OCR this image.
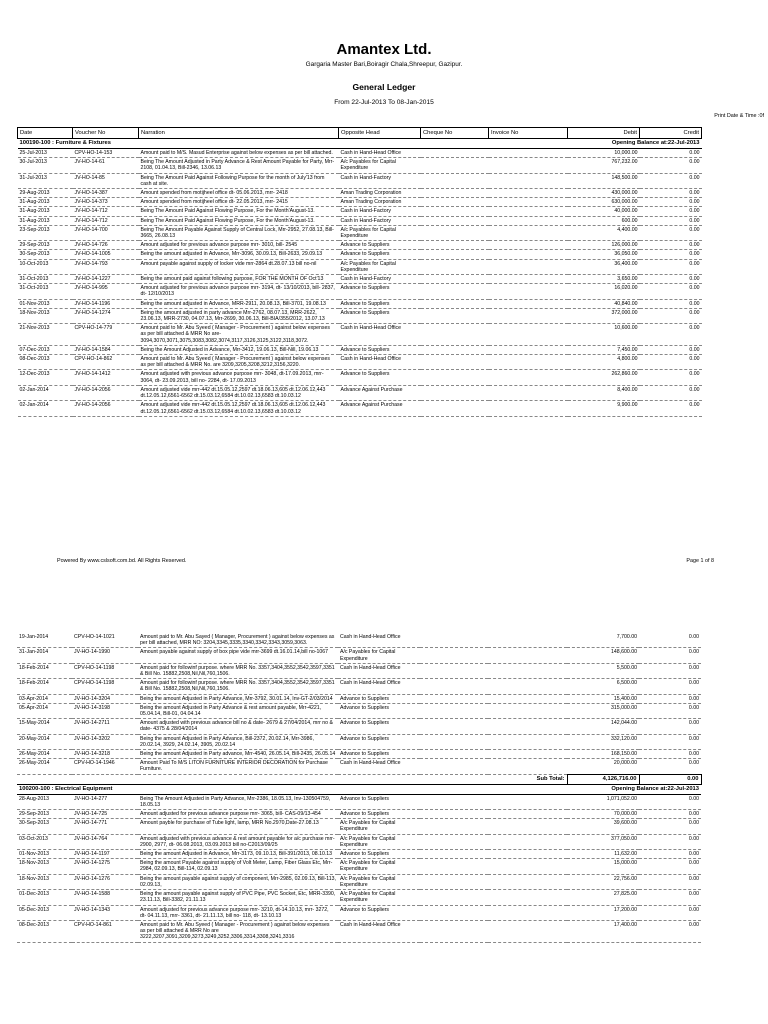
Amantex Ltd.
Gargaria Master Bari,Boiragir Chala,Shreepur, Gazipur.
General Ledger
From 22-Jul-2013 To 08-Jan-2015
Print Date & Time :0f
Date	Voucher No	Narration	Opposite Head	Cheque No	Invoice No	Debit	Credit
100190-100 : Furniture & Fixtures				Opening Balance at:22-Jul-2013			
25-Jul-2013	CPV-HO-14-153	Amount paid to M/S. Masud Enterprise against below expenses as per bill attached.	Cash in Hand-Head Office			10,000.00	0.00
30-Jul-2013	JV-HO-14-61	Being The Amount Adjusted in Party Advance & Rest Amount Payable for Party, Mrr-2108, 01.04.13, Bill-2346, 13.06.13	A/c Payables for Capital Expenditure			767,232.00	0.00
31-Jul-2013	JV-HO-14-85	Being The Amount Paid Against Following Purpose for the month of July'13 from cash at site.	Cash in Hand-Factory			148,500.00	0.00
29-Aug-2013	JV-HO-14-387	Amount spended from motijheel office dt- 05.06.2013, mrr- 2418	Aman Trading Corporation			430,000.00	0.00
31-Aug-2013	JV-HO-14-373	Amount spended from motijheel office dt- 22.05.2013, mrr- 2415	Aman Trading Corporation			630,000.00	0.00
31-Aug-2013	JV-HO-14-712	Being The Amount Paid Against Flowing Purpose, For the Month'August-13.	Cash in Hand-Factory			40,000.00	0.00
31-Aug-2013	JV-HO-14-712	Being The Amount Paid Against Flowing Purpose, For the Month'August-13.	Cash in Hand-Factory			600.00	0.00
23-Sep-2013	JV-HO-14-700	Being The Amount Payable Against Supply of Central Lock, Mrr-2952, 27.08.13, Bill-3665, 26.08.13	A/c Payables for Capital Expenditure			4,400.00	0.00
29-Sep-2013	JV-HO-14-726	Amount adjusted for previous advance purpose mrr- 3010, bill- 2545	Advance to Suppliers			126,000.00	0.00
30-Sep-2013	JV-HO-14-1005	Being the amount adjusted in Advance, Mrr-3096, 30.09.13, Bill-2633, 29.09.13	Advance to Suppliers			36,050.00	0.00
10-Oct-2013	JV-HO-14-793	Amount payable against supply of locker vide mrr-2864 dt.28.07.13 bill no-nil	A/c Payables for Capital Expenditure			36,400.00	0.00
31-Oct-2013	JV-HO-14-1227	Being the amount paid against following purpose, FOR THE MONTH OF Oct'13	Cash in Hand-Factory			3,650.00	0.00
31-Oct-2013	JV-HO-14-995	Amount adjusted for previous advance purpose mrr- 3194, dt- 13/10/2013, bill- 2837, dt- 12/10/2013	Advance to Suppliers			16,020.00	0.00
01-Nov-2013	JV-HO-14-1196	Being the amount adjusted in Advance, MRR-2911, 20.08.13, Bill-3701, 19.08.13	Advance to Suppliers			40,840.00	0.00
18-Nov-2013	JV-HO-14-1274	Being the amount adjusted in party advance Mrr-2762, 08.07.13, MRR-2622, 23.06.13, MRR-2730, 04.07.13, Mrr-2699, 30.06.13, Bill-BIA/355/2012, 13.07.13	Advance to Suppliers			372,000.00	0.00
21-Nov-2013	CPV-HO-14-779	Amount paid to Mr. Abu Syeed ( Manager - Procurement ) against below expenses as per bill attached & MRR No are-3094,3070,3071,3075,3083,3082,3074,3117,3126,3125,3122,3118,3072.	Cash in Hand-Head Office			10,600.00	0.00
07-Dec-2013	JV-HO-14-1584	Being the Amount Adjusted in Advance, Mrr-3412, 19.06.13, Bill-Nill, 19.06.13	Advance to Suppliers			7,450.00	0.00
08-Dec-2013	CPV-HO-14-862	Amount paid to Mr. Abu Syeed ( Manager - Procurement ) against below expenses as per bill attached & MRR No. are 3209,3205,3208,3212,3156,3220.	Cash in Hand-Head Office			4,800.00	0.00
12-Dec-2013	JV-HO-14-1412	Amount adjusted with previous advance purpose mrr- 3048, dt-17.09.2013, mrr-3064, dt- 23.09.2013, bill no- 2284, dt- 17.09.2013	Advance to Suppliers			262,860.00	0.00
02-Jan-2014	JV-HO-14-2056	Amount adjusted vide mrr-442 dt.15.05.12,2597 dt.18.06.13,605 dt.12.06.12,443 dt.12.05.12,6561-6562 dt.15.03.12,6584 dt.10.02.13,6583 dt.10.03.12	Advance Against Purchase			8,400.00	0.00
02-Jan-2014	JV-HO-14-2056	Amount adjusted vide mrr-442 dt.15.05.12,2597 dt.18.06.13,605 dt.12.06.12,443 dt.12.05.12,6561-6562 dt.15.03.12,6584 dt.10.02.13,6583 dt.10.03.12	Advance Against Purchase			9,900.00	0.00
Powered By www.cslsoft.com.bd. All Rights Reserved.	Page 1 of 8
19-Jan-2014	CPV-HO-14-1021	Amount paid to Mr. Abu Sayed ( Manager, Procurement ) against below expenses as per bill attached, MRR NO: 3204,3345,3335,3340,3342,3343,3059,3063.	Cash in Hand-Head Office			7,700.00	0.00
31-Jan-2014	JV-HO-14-1990	Amount payable against supply of box pipe vide mrr-3699 dt.16.01.14,bill no-1067	A/c Payables for Capital Expenditure			148,600.00	0.00
18-Feb-2014	CPV-HO-14-1198	Amount paid for followinf purpose. where MRR No. 3357,3404,3552,3542,3597,3351 & Bill No. 15882,2508,Nil,Nil,760,1506.	Cash in Hand-Head Office			5,500.00	0.00
18-Feb-2014	CPV-HO-14-1198	Amount paid for followinf purpose. where MRR No. 3357,3404,3552,3542,3597,3351 & Bill No. 15882,2508,Nil,Nil,760,1506.	Cash in Hand-Head Office			6,500.00	0.00
03-Apr-2014	JV-HO-14-3204	Being the amount Adjusted in Party Advance, Mrr-3792, 30.01.14, Inv-GT-2/03/2014	Advance to Suppliers			15,400.00	0.00
05-Apr-2014	JV-HO-14-3198	Being the amount Adjusted in Party Advance & rest amount payable, Mrr-4221, 05.04.14, Bill-01, 04.04.14	Advance to Suppliers			315,000.00	0.00
15-May-2014	JV-HO-14-2711	Amount adjusted with previous advance bill no & date- 2679 & 27/04/2014, mrr no & date- 4375 & 28/04/2014	Advance to Suppliers			142,044.00	0.00
20-May-2014	JV-HO-14-3202	Being the amount Adjusted in Party Advance, Bill-2372, 20.02.14, Mrr-3986, 20.02.14, 3929, 24.02.14, 3905, 20.02.14	Advance to Suppliers			332,120.00	0.00
26-May-2014	JV-HO-14-3218	Being the amount Adjusted in Party advance, Mrr-4540, 26.05.14, Bill-2435, 26.05.14	Advance to Suppliers			168,150.00	0.00
26-May-2014	CPV-HO-14-1946	Amount Paid To M/S LITON FURNITURE INTERIOR DECORATION for Purchase Furniture.	Cash in Hand-Head Office			20,000.00	0.00
					Sub Total:	4,126,716.00	0.00
100200-100 : Electrical Equipment				Opening Balance at:22-Jul-2013			
28-Aug-2013	JV-HO-14-277	Being The Amount Adjusted in Party Advance, Mrr-2386, 18.05.13, Inv-130504759, 18.05.13	Advance to Suppliers			1,071,052.00	0.00
29-Sep-2013	JV-HO-14-725	Amount adjusted for previous advance purpose mrr- 3065, bill- CAS-09/13-454	Advance to Suppliers			70,000.00	0.00
30-Sep-2013	JV-HO-14-771	Amount payble for purchase of Tube light, lamp, MRR No.2970,Date-27.08.13	A/c Payables for Capital Expenditure			39,600.00	0.00
03-Oct-2013	JV-HO-14-764	Amount adjusted with previous advance & rest amount payable for a/c purchase mrr- 2900, 2977, dt- 06.08.2013, 03.09.2013 bill no-C2013/09/25	A/c Payables for Capital Expenditure			377,050.00	0.00
01-Nov-2013	JV-HO-14-1197	Being the amount Adjusted in Advance, Mrr-3173, 09.10.13, Bill-391/2013, 08.10.13	Advance to Suppliers			11,632.00	0.00
18-Nov-2013	JV-HO-14-1275	Being the amount Payable against supply of Volt Meter, Lamp, Fiber Glass Etc, Mrr-2984, 02.09.13, Bill-114, 02.09.13	A/c Payables for Capital Expenditure			15,000.00	0.00
18-Nov-2013	JV-HO-14-1276	Being the amount payable against supply of component, Mrr-2985, 02.09.13, Bill-113, 02.09.13,	A/c Payables for Capital Expenditure			22,756.00	0.00
01-Dec-2013	JV-HO-14-1588	Being the amount payable against supply of PVC Pipe, PVC Socket, Etc, MRR-3390, 23.11.13, Bill-3382, 21.11.13	A/c Payables for Capital Expenditure			27,825.00	0.00
05-Dec-2013	JV-HO-14-1343	Amount adjusted for previous advance purpose mrr- 3210, dt-14.10.13, mrr- 3272, dt- 04.11.13, mrr- 3361, dt- 21.11.13, bill no- 118, dt- 13.10.13	Advance to Suppliers			17,200.00	0.00
08-Dec-2013	CPV-HO-14-861	Amount paid to Mr. Abu Syeed ( Manager - Procurement ) against below expenses as per bill attached & MRR No are 3222,3207,3091,3209,3273,3249,3252,3306,3314,3308,3241,3316	Cash in Hand-Head Office			17,400.00	0.00
